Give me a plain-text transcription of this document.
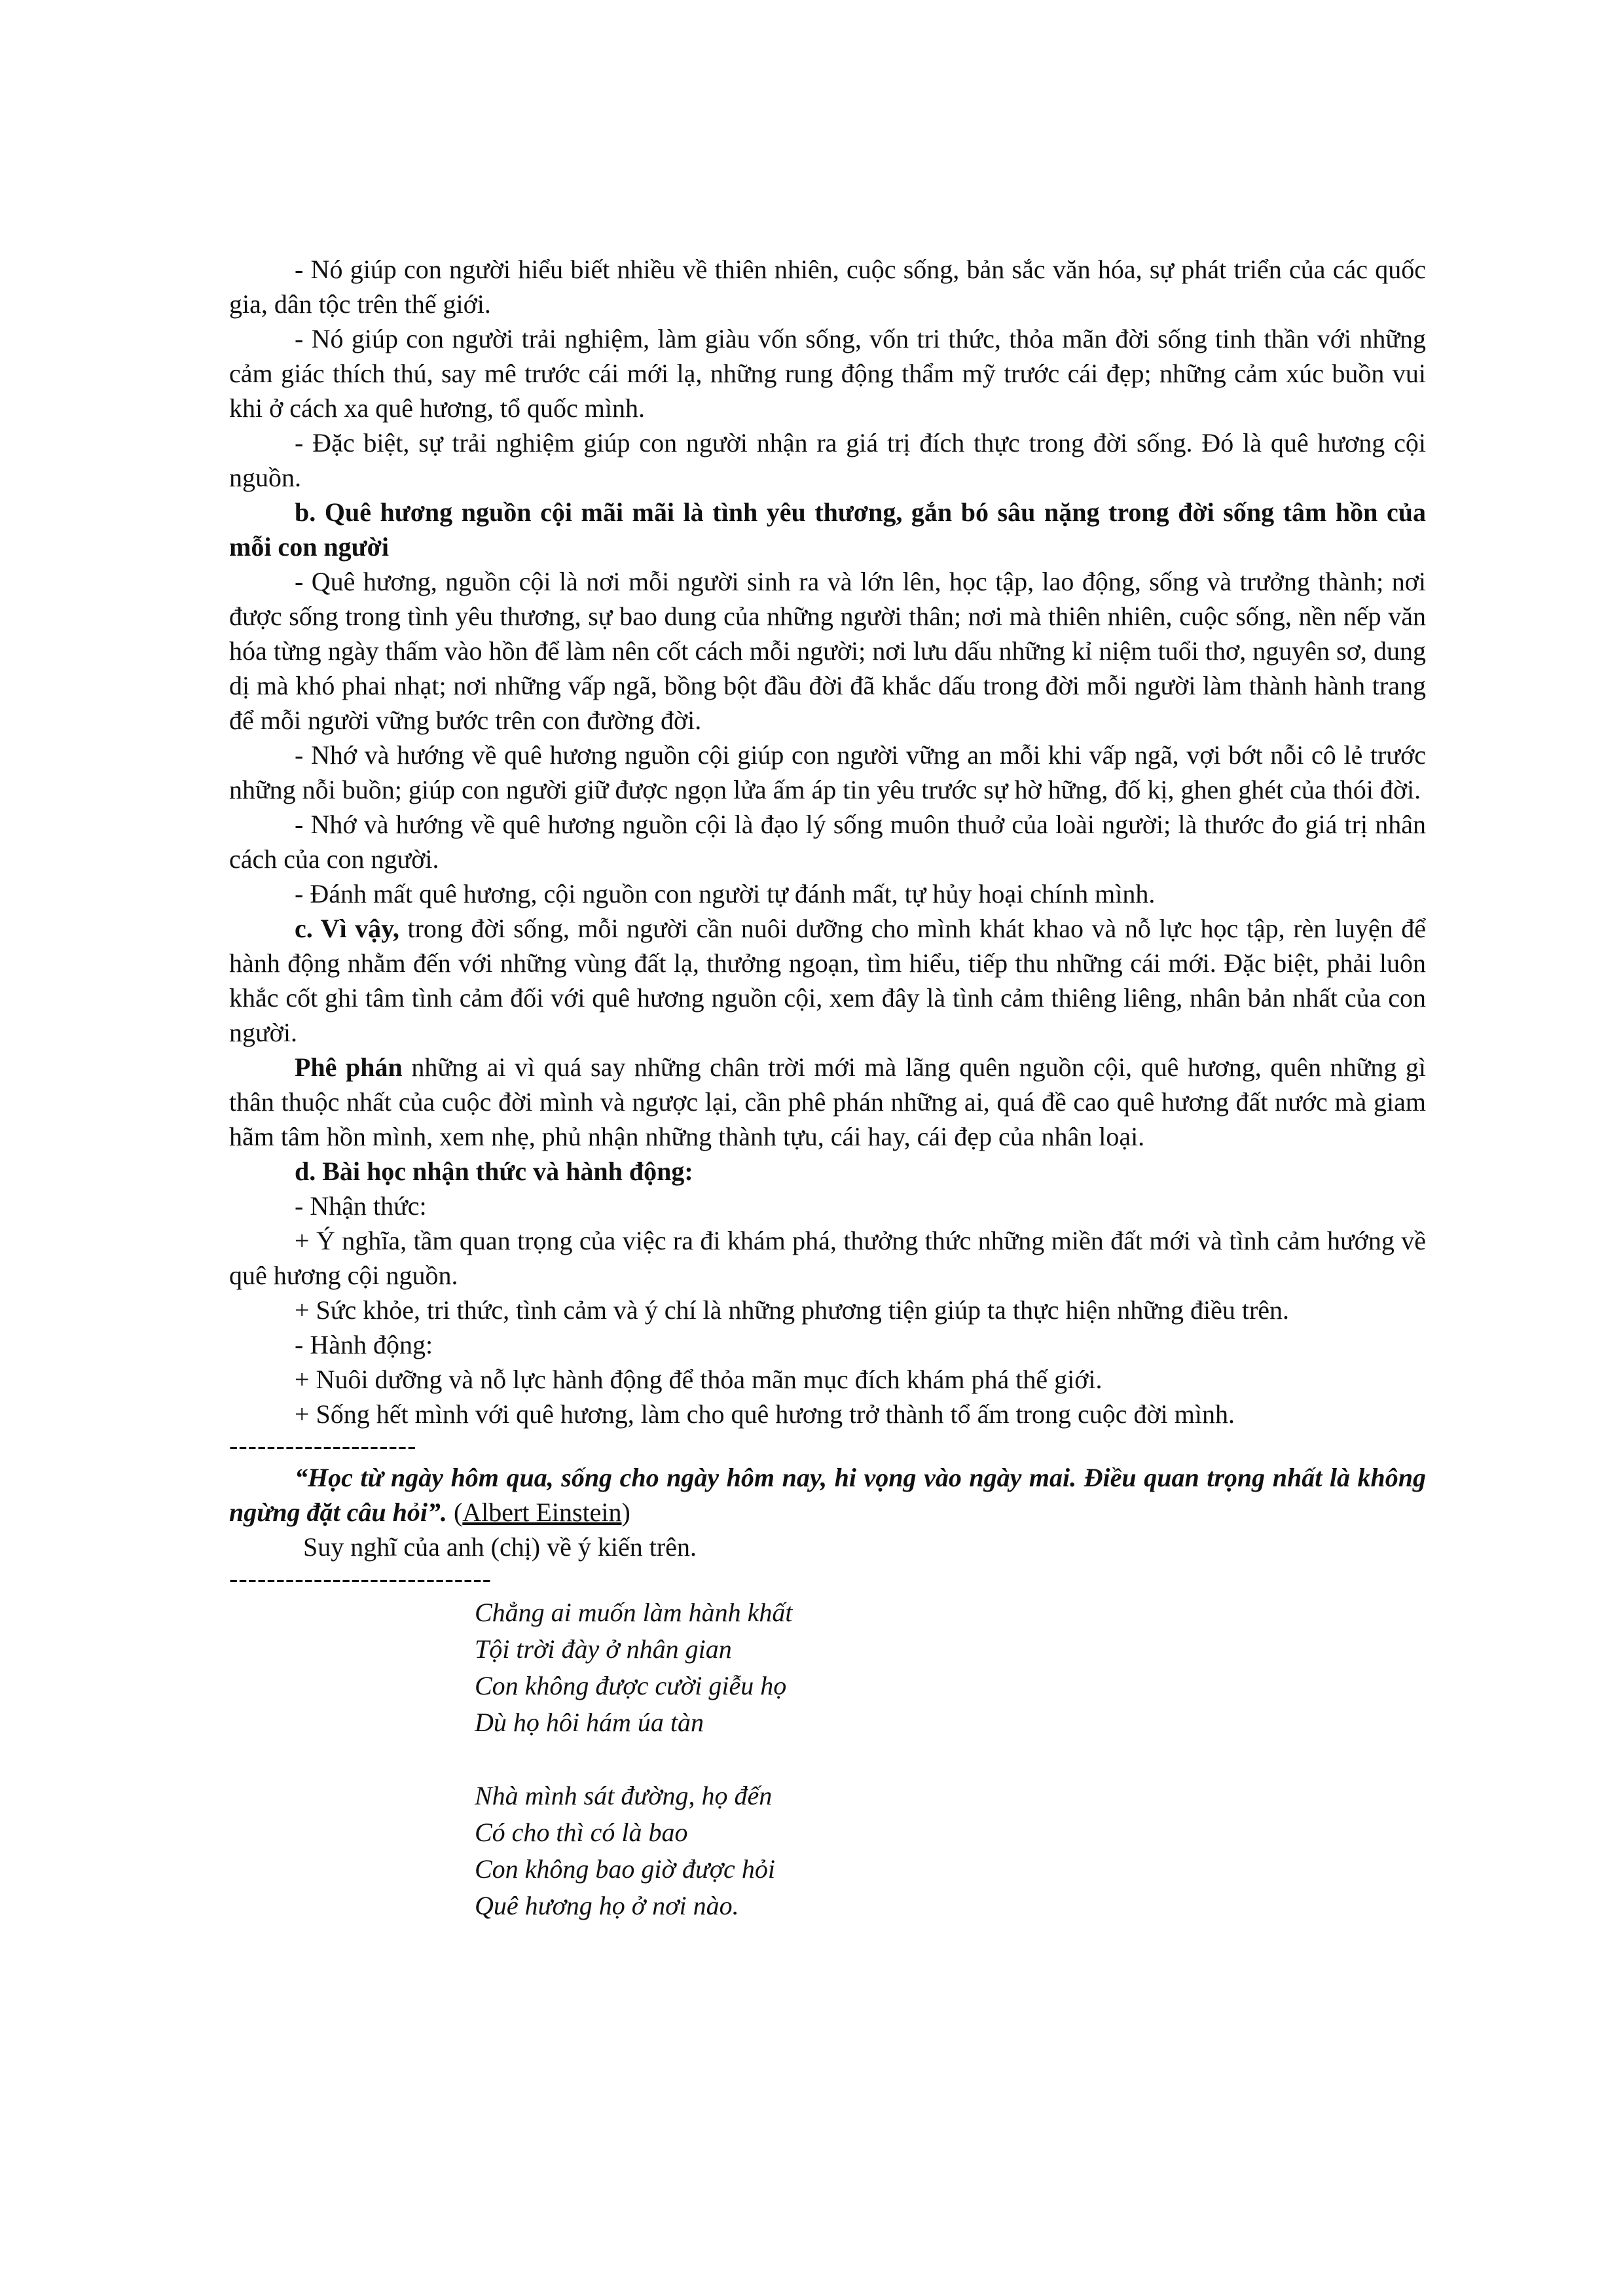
- Nó giúp con người hiểu biết nhiều về thiên nhiên, cuộc sống, bản sắc văn hóa, sự phát triển của các quốc gia, dân tộc trên thế giới.

- Nó giúp con người trải nghiệm, làm giàu vốn sống, vốn tri thức, thỏa mãn đời sống tinh thần với những cảm giác thích thú, say mê trước cái mới lạ, những rung động thẩm mỹ trước cái đẹp; những cảm xúc buồn vui khi ở cách xa quê hương, tổ quốc mình.

- Đặc biệt, sự trải nghiệm giúp con người nhận ra giá trị đích thực trong đời sống. Đó là quê hương cội nguồn.

b. Quê hương nguồn cội mãi mãi là tình yêu thương, gắn bó sâu nặng trong đời sống tâm hồn của mỗi con người

- Quê hương, nguồn cội là nơi mỗi người sinh ra và lớn lên, học tập, lao động, sống và trưởng thành; nơi được sống trong tình yêu thương, sự bao dung của những người thân; nơi mà thiên nhiên, cuộc sống, nền nếp văn hóa từng ngày thấm vào hồn để làm nên cốt cách mỗi người; nơi lưu dấu những kỉ niệm tuổi thơ, nguyên sơ, dung dị mà khó phai nhạt; nơi những vấp ngã, bồng bột đầu đời đã khắc dấu trong đời mỗi người làm thành hành trang để mỗi người vững bước trên con đường đời.

- Nhớ và hướng về quê hương nguồn cội giúp con người vững an mỗi khi vấp ngã, vợi bớt nỗi cô lẻ trước những nỗi buồn; giúp con người giữ được ngọn lửa ấm áp tin yêu trước sự hờ hững, đố kị, ghen ghét của thói đời.

- Nhớ và hướng về quê hương nguồn cội là đạo lý sống muôn thuở của loài người; là thước đo giá trị nhân cách của con người.

- Đánh mất quê hương, cội nguồn con người tự đánh mất, tự hủy hoại chính mình.

c. Vì vậy, trong đời sống, mỗi người cần nuôi dưỡng cho mình khát khao và nỗ lực học tập, rèn luyện để hành động nhằm đến với những vùng đất lạ, thưởng ngoạn, tìm hiểu, tiếp thu những cái mới. Đặc biệt, phải luôn khắc cốt ghi tâm tình cảm đối với quê hương nguồn cội, xem đây là tình cảm thiêng liêng, nhân bản nhất của con người.

Phê phán những ai vì quá say những chân trời mới mà lãng quên nguồn cội, quê hương, quên những gì thân thuộc nhất của cuộc đời mình và ngược lại, cần phê phán những ai, quá đề cao quê hương đất nước mà giam hãm tâm hồn mình, xem nhẹ, phủ nhận những thành tựu, cái hay, cái đẹp của nhân loại.

d. Bài học nhận thức và hành động:

- Nhận thức:

+ Ý nghĩa, tầm quan trọng của việc ra đi khám phá, thưởng thức những miền đất mới và tình cảm hướng về quê hương cội nguồn.

+ Sức khỏe, tri thức, tình cảm và ý chí là những phương tiện giúp ta thực hiện những điều trên.

- Hành động:

+ Nuôi dưỡng và nỗ lực hành động để thỏa mãn mục đích khám phá thế giới.

+ Sống hết mình với quê hương, làm cho quê hương trở thành tổ ấm trong cuộc đời mình.

--------------------

“Học từ ngày hôm qua, sống cho ngày hôm nay, hi vọng vào ngày mai. Điều quan trọng nhất là không ngừng đặt câu hỏi”. (Albert Einstein)

Suy nghĩ của anh (chị) về ý kiến trên.

----------------------------

Chẳng ai muốn làm hành khất
Tội trời đày ở nhân gian
Con không được cười giễu họ
Dù họ hôi hám úa tàn
Nhà mình sát đường, họ đến
Có cho thì có là bao
Con không bao giờ được hỏi
Quê hương họ ở nơi nào.
